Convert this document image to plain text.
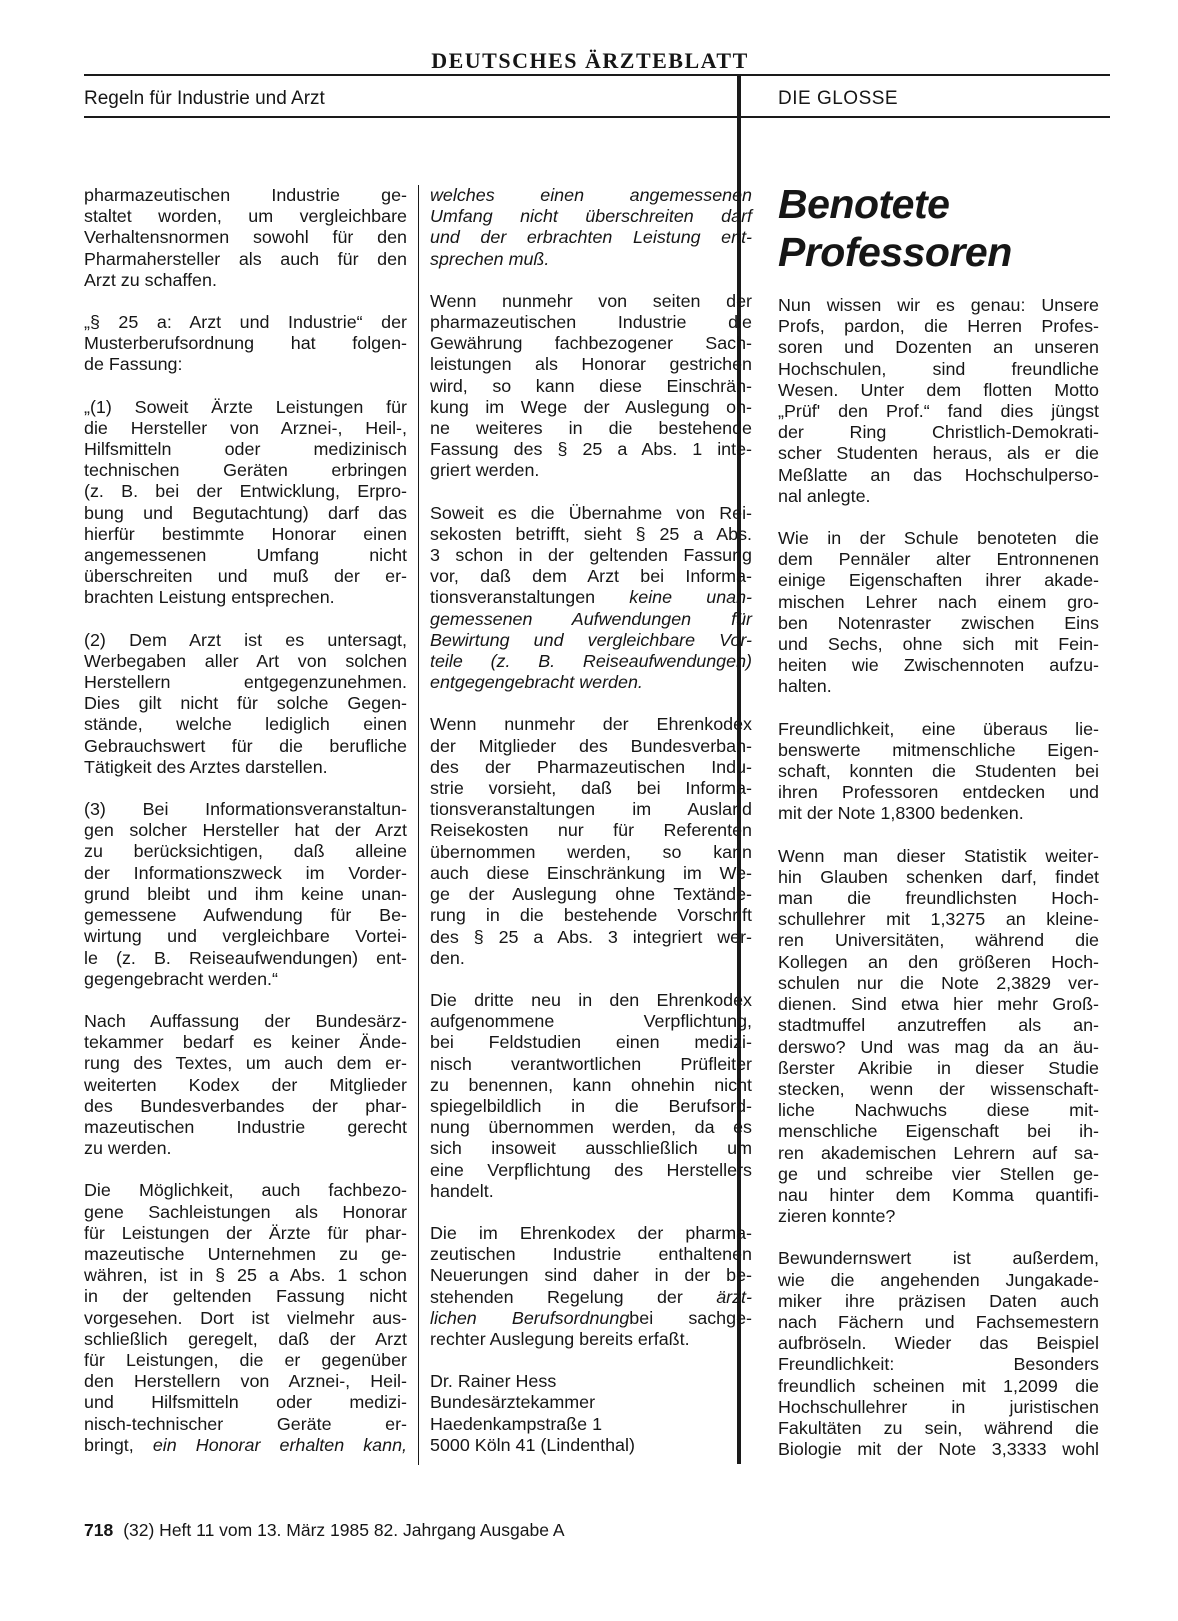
DEUTSCHES ÄRZTEBLATT
Regeln für Industrie und Arzt	DIE GLOSSE

pharmazeutischen Industrie ge-
staltet worden, um vergleichbare
Verhaltensnormen sowohl für den
Pharmahersteller als auch für den
Arzt zu schaffen.

„§ 25 a: Arzt und Industrie“ der
Musterberufsordnung hat folgen-
de Fassung:

„(1) Soweit Ärzte Leistungen für
die Hersteller von Arznei-, Heil-,
Hilfsmitteln oder medizinisch
technischen Geräten erbringen
(z. B. bei der Entwicklung, Erpro-
bung und Begutachtung) darf das
hierfür bestimmte Honorar einen
angemessenen Umfang nicht
überschreiten und muß der er-
brachten Leistung entsprechen.

(2) Dem Arzt ist es untersagt,
Werbegaben aller Art von solchen
Herstellern entgegenzunehmen.
Dies gilt nicht für solche Gegen-
stände, welche lediglich einen
Gebrauchswert für die berufliche
Tätigkeit des Arztes darstellen.

(3) Bei Informationsveranstaltun-
gen solcher Hersteller hat der Arzt
zu berücksichtigen, daß alleine
der Informationszweck im Vorder-
grund bleibt und ihm keine unan-
gemessene Aufwendung für Be-
wirtung und vergleichbare Vortei-
le (z. B. Reiseaufwendungen) ent-
gegengebracht werden.“

Nach Auffassung der Bundesärz-
tekammer bedarf es keiner Ände-
rung des Textes, um auch dem er-
weiterten Kodex der Mitglieder
des Bundesverbandes der phar-
mazeutischen Industrie gerecht
zu werden.

Die Möglichkeit, auch fachbezo-
gene Sachleistungen als Honorar
für Leistungen der Ärzte für phar-
mazeutische Unternehmen zu ge-
währen, ist in § 25 a Abs. 1 schon
in der geltenden Fassung nicht
vorgesehen. Dort ist vielmehr aus-
schließlich geregelt, daß der Arzt
für Leistungen, die er gegenüber
den Herstellern von Arznei-, Heil-
und Hilfsmitteln oder medizi-
nisch-technischer Geräte er-
bringt, ein Honorar erhalten kann,

welches einen angemessenen
Umfang nicht überschreiten darf
und der erbrachten Leistung ent-
sprechen muß.

Wenn nunmehr von seiten der
pharmazeutischen Industrie die
Gewährung fachbezogener Sach-
leistungen als Honorar gestrichen
wird, so kann diese Einschrän-
kung im Wege der Auslegung oh-
ne weiteres in die bestehende
Fassung des § 25 a Abs. 1 inte-
griert werden.

Soweit es die Übernahme von Rei-
sekosten betrifft, sieht § 25 a Abs.
3 schon in der geltenden Fassung
vor, daß dem Arzt bei Informa-
tionsveranstaltungen keine unan-
gemessenen Aufwendungen für
Bewirtung und vergleichbare Vor-
teile (z. B. Reiseaufwendungen)
entgegengebracht werden.

Wenn nunmehr der Ehrenkodex
der Mitglieder des Bundesverban-
des der Pharmazeutischen Indu-
strie vorsieht, daß bei Informa-
tionsveranstaltungen im Ausland
Reisekosten nur für Referenten
übernommen werden, so kann
auch diese Einschränkung im We-
ge der Auslegung ohne Textände-
rung in die bestehende Vorschrift
des § 25 a Abs. 3 integriert wer-
den.

Die dritte neu in den Ehrenkodex
aufgenommene Verpflichtung,
bei Feldstudien einen medizi-
nisch verantwortlichen Prüfleiter
zu benennen, kann ohnehin nicht
spiegelbildlich in die Berufsord-
nung übernommen werden, da es
sich insoweit ausschließlich um
eine Verpflichtung des Herstellers
handelt.

Die im Ehrenkodex der pharma-
zeutischen Industrie enthaltenen
Neuerungen sind daher in der be-
stehenden Regelung der ärzt-
lichen Berufsordnungbei sachge-
rechter Auslegung bereits erfaßt.

Dr. Rainer Hess
Bundesärztekammer
Haedenkampstraße 1
5000 Köln 41 (Lindenthal)

Benotete
Professoren

Nun wissen wir es genau: Unsere
Profs, pardon, die Herren Profes-
soren und Dozenten an unseren
Hochschulen, sind freundliche
Wesen. Unter dem flotten Motto
„Prüf' den Prof.“ fand dies jüngst
der Ring Christlich-Demokrati-
scher Studenten heraus, als er die
Meßlatte an das Hochschulperso-
nal anlegte.

Wie in der Schule benoteten die
dem Pennäler alter Entronnenen
einige Eigenschaften ihrer akade-
mischen Lehrer nach einem gro-
ben Notenraster zwischen Eins
und Sechs, ohne sich mit Fein-
heiten wie Zwischennoten aufzu-
halten.

Freundlichkeit, eine überaus lie-
benswerte mitmenschliche Eigen-
schaft, konnten die Studenten bei
ihren Professoren entdecken und
mit der Note 1,8300 bedenken.

Wenn man dieser Statistik weiter-
hin Glauben schenken darf, findet
man die freundlichsten Hoch-
schullehrer mit 1,3275 an kleine-
ren Universitäten, während die
Kollegen an den größeren Hoch-
schulen nur die Note 2,3829 ver-
dienen. Sind etwa hier mehr Groß-
stadtmuffel anzutreffen als an-
derswo? Und was mag da an äu-
ßerster Akribie in dieser Studie
stecken, wenn der wissenschaft-
liche Nachwuchs diese mit-
menschliche Eigenschaft bei ih-
ren akademischen Lehrern auf sa-
ge und schreibe vier Stellen ge-
nau hinter dem Komma quantifi-
zieren konnte?

Bewundernswert ist außerdem,
wie die angehenden Jungakade-
miker ihre präzisen Daten auch
nach Fächern und Fachsemestern
aufbröseln. Wieder das Beispiel
Freundlichkeit: Besonders
freundlich scheinen mit 1,2099 die
Hochschullehrer in juristischen
Fakultäten zu sein, während die
Biologie mit der Note 3,3333 wohl

718 (32) Heft 11 vom 13. März 1985 82. Jahrgang Ausgabe A
